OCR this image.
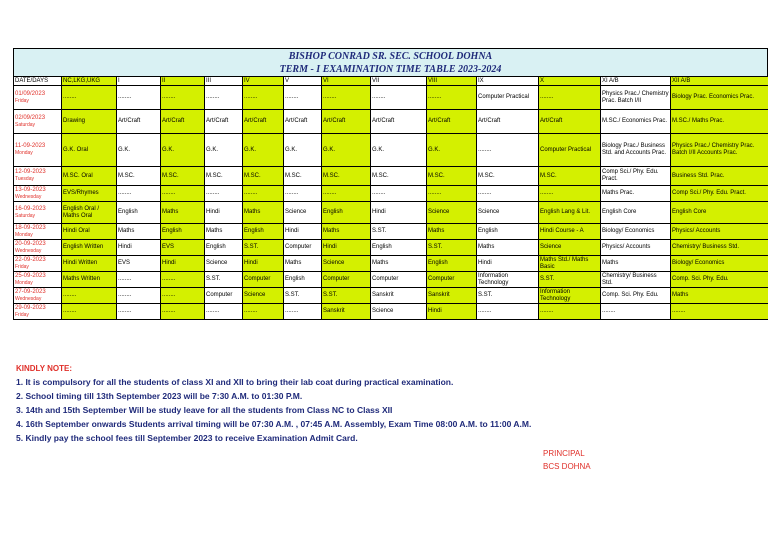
BISHOP CONRAD SR. SEC. SCHOOL DOHNA
TERM - I EXAMINATION TIME TABLE 2023-2024
DATE/DAYS	NC,LKG,UKG	I	II	III	IV	V	VI	VII	VIII	IX	X	XI A/B	XII A/B

01/09/2023
Friday	........	........	........	........	........	........	........	........	........	Computer Practical	........	Physics Prac./ Chemistry Prac. Batch I/II	Biology Prac. Economics Prac.

02/09/2023
Saturday	Drawing	Art/Craft	Art/Craft	Art/Craft	Art/Craft	Art/Craft	Art/Craft	Art/Craft	Art/Craft	Art/Craft	Art/Craft	M.SC./ Economics Prac.	M.SC./ Maths Prac.

11-09-2023
Monday	G.K. Oral	G.K.	G.K.	G.K.	G.K.	G.K.	G.K.	G.K.	G.K.	........	Computer Practical	Biology Prac./ Business Std. and Accounts Prac.	Physics Prac./ Chemistry Prac. Batch I/II Accounts Prac.

12-09-2023
Tuesday	M.SC. Oral	M.SC.	M.SC.	M.SC.	M.SC.	M.SC.	M.SC.	M.SC.	M.SC.	M.SC.	M.SC.	Comp Sci./ Phy. Edu. Pract.	Business Std. Prac.

13-09-2023
Wednesday	EVS/Rhymes	........	........	........	........	........	........	........	........	........	........	Maths Prac.	Comp Sci./ Phy. Edu. Pract.

16-09-2023
Saturday	English Oral / Maths Oral	English	Maths	Hindi	Maths	Science	English	Hindi	Science	Science	English Lang & Lit.	English Core	English Core

18-09-2023
Monday	Hindi Oral	Maths	English	Maths	English	Hindi	Maths	S.ST.	Maths	English	Hindi Course - A	Biology/ Economics	Physics/ Accounts

20-09-2023
Wednesday	English Written	Hindi	EVS	English	S.ST.	Computer	Hindi	English	S.ST.	Maths	Science	Physics/ Accounts	Chemistry/ Business Std.

22-09-2023
Friday	Hindi Written	EVS	Hindi	Science	Hindi	Maths	Science	Maths	English	Hindi	Maths Std./ Maths Basic	Maths	Biology/ Economics

25-09-2023
Monday	Maths Written	........	........	S.ST.	Computer	English	Computer	Computer	Computer	Information Technology	S.ST.	Chemistry/ Business Std.	Comp. Sci. Phy. Edu.

27-09-2023
Wednesday	........	........	........	Computer	Science	S.ST.	S.ST.	Sanskrit	Sanskrit	S.ST.	Information Technology	Comp. Sci. Phy. Edu.	Maths

29-09-2023
Friday	........	........	........	........	........	........	Sanskrit	Science	Hindi	........	........	........	........
KINDLY NOTE:
1. It is compulsory for all the students of class XI and XII to bring their lab coat during practical examination.
2. School timing till 13th September 2023 will be 7:30 A.M. to 01:30 P.M.
3. 14th and 15th September Will be study leave for all the students from Class NC to Class XII
4. 16th September onwards Students arrival timing will be 07:30 A.M. , 07:45 A.M. Assembly, Exam Time 08:00 A.M. to 11:00 A.M.
5. Kindly pay the school fees till September 2023 to receive Examination Admit Card.
PRINCIPAL
BCS DOHNA
